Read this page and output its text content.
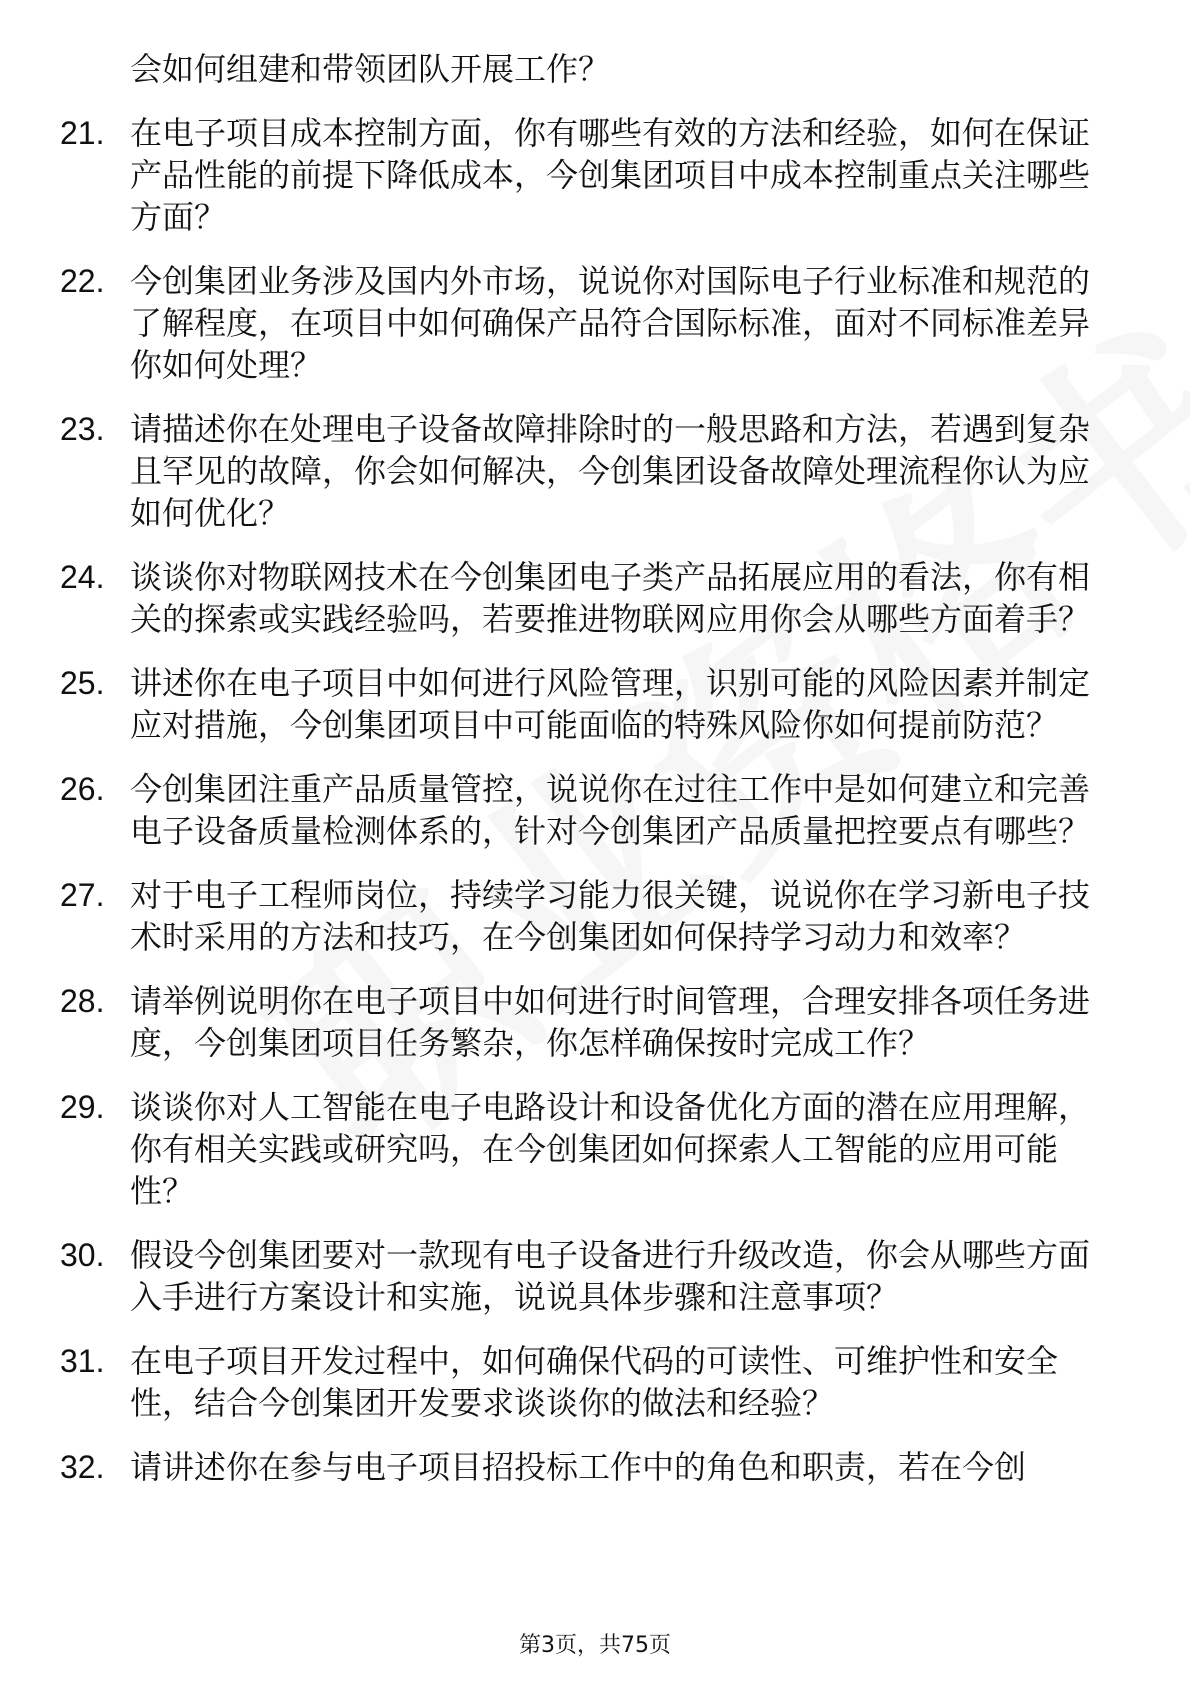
会如何组建和带领团队开展工作？
21. 在电子项目成本控制方面，你有哪些有效的方法和经验，如何在保证产品性能的前提下降低成本，今创集团项目中成本控制重点关注哪些方面？
22. 今创集团业务涉及国内外市场，说说你对国际电子行业标准和规范的了解程度，在项目中如何确保产品符合国际标准，面对不同标准差异你如何处理？
23. 请描述你在处理电子设备故障排除时的一般思路和方法，若遇到复杂且罕见的故障，你会如何解决，今创集团设备故障处理流程你认为应如何优化？
24. 谈谈你对物联网技术在今创集团电子类产品拓展应用的看法，你有相关的探索或实践经验吗，若要推进物联网应用你会从哪些方面着手？
25. 讲述你在电子项目中如何进行风险管理，识别可能的风险因素并制定应对措施，今创集团项目中可能面临的特殊风险你如何提前防范？
26. 今创集团注重产品质量管控，说说你在过往工作中是如何建立和完善电子设备质量检测体系的，针对今创集团产品质量把控要点有哪些？
27. 对于电子工程师岗位，持续学习能力很关键，说说你在学习新电子技术时采用的方法和技巧，在今创集团如何保持学习动力和效率？
28. 请举例说明你在电子项目中如何进行时间管理，合理安排各项任务进度，今创集团项目任务繁杂，你怎样确保按时完成工作？
29. 谈谈你对人工智能在电子电路设计和设备优化方面的潜在应用理解，你有相关实践或研究吗，在今创集团如何探索人工智能的应用可能性？
30. 假设今创集团要对一款现有电子设备进行升级改造，你会从哪些方面入手进行方案设计和实施，说说具体步骤和注意事项？
31. 在电子项目开发过程中，如何确保代码的可读性、可维护性和安全性，结合今创集团开发要求谈谈你的做法和经验？
32. 请讲述你在参与电子项目招投标工作中的角色和职责，若在今创
第3页，共75页
